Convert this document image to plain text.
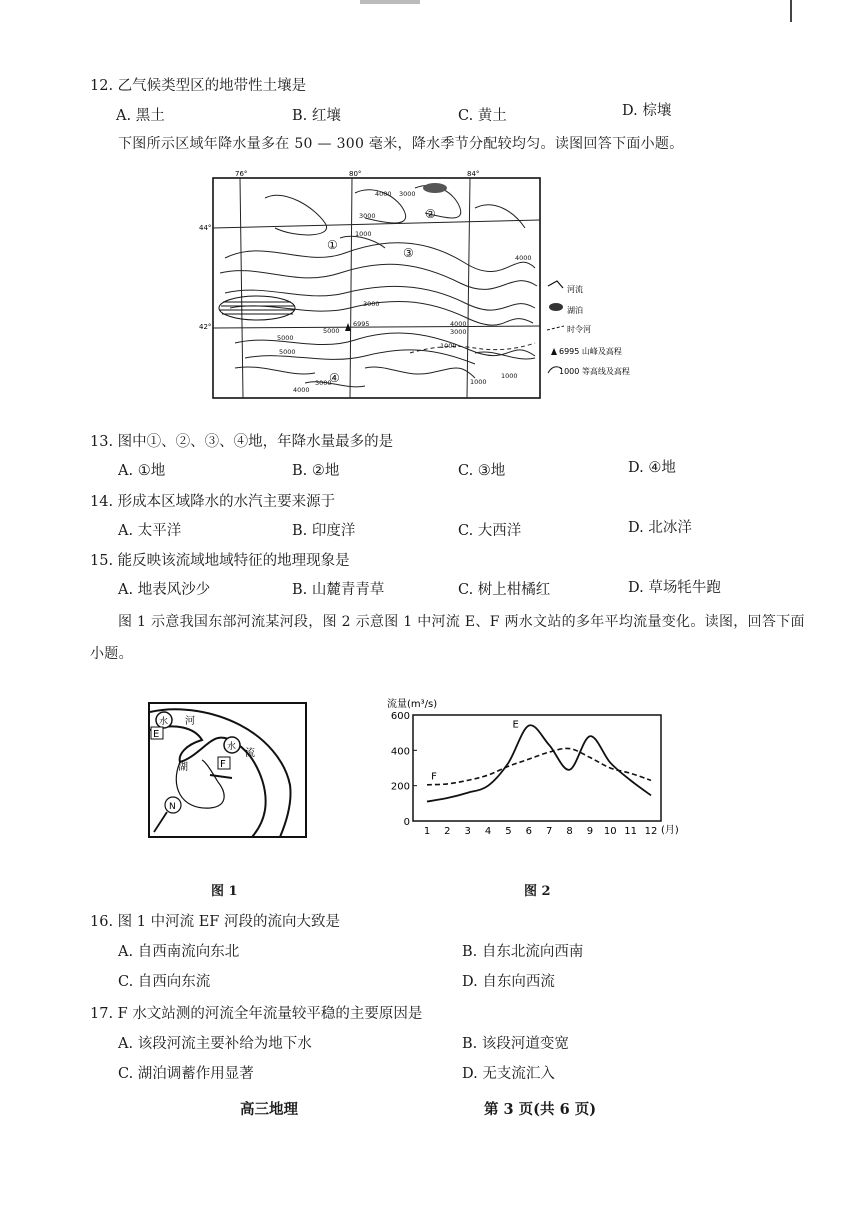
12. 乙气候类型区的地带性土壤是
A. 黑土	B. 红壤	C. 黄土	D. 棕壤
下图所示区域年降水量多在 50 — 300 毫米，降水季节分配较均匀。读图回答下面小题。
76°	80°	84°
44°
42°
4000 3000
3000
1000
3000
4000
3000
5000
6995
4000
1000
5000
5000
3000
4000
1000
1000
①
②
③
④
河流
湖泊
时令河
6995 山峰及高程
1000 等高线及高程
13. 图中①、②、③、④地，年降水量最多的是
A. ①地	B. ②地	C. ③地	D. ④地
14. 形成本区域降水的水汽主要来源于
A. 太平洋	B. 印度洋	C. 大西洋	D. 北冰洋
15. 能反映该流域地域特征的地理现象是
A. 地表风沙少	B. 山麓青青草	C. 树上柑橘红	D. 草场牦牛跑
图 1 示意我国东部河流某河段，图 2 示意图 1 中河流 E、F 两水文站的多年平均流量变化。读图，回答下面
小题。
水
水
河
流
湖
E
F
N
图 1
流量(m³/s)
(月)
0
200
400
600
1 2 3 4 5 6 7 8 9 10 11 12
E
F
图 2
16. 图 1 中河流 EF 河段的流向大致是
A. 自西南流向东北	B. 自东北流向西南
C. 自西向东流	D. 自东向西流
17. F 水文站测的河流全年流量较平稳的主要原因是
A. 该段河流主要补给为地下水	B. 该段河道变宽
C. 湖泊调蓄作用显著	D. 无支流汇入
高三地理	第 3 页(共 6 页)
